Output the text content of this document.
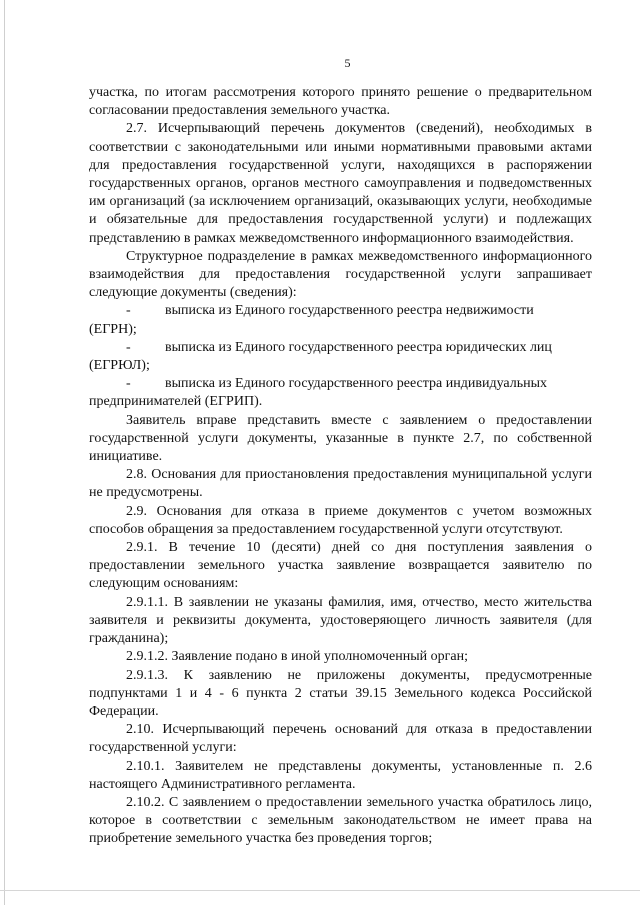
5

участка, по итогам рассмотрения которого принято решение о предварительном согласовании предоставления земельного участка.

2.7. Исчерпывающий перечень документов (сведений), необходимых в соответствии с законодательными или иными нормативными правовыми актами для предоставления государственной услуги, находящихся в распоряжении государственных органов, органов местного самоуправления и подведомственных им организаций (за исключением организаций, оказывающих услуги, необходимые и обязательные для предоставления государственной услуги) и подлежащих представлению в рамках межведомственного информационного взаимодействия.

Структурное подразделение в рамках межведомственного информационного взаимодействия для предоставления государственной услуги запрашивает следующие документы (сведения):

-	выписка из Единого государственного реестра недвижимости

(ЕГРН);

-	выписка из Единого государственного реестра юридических лиц

(ЕГРЮЛ);

-	выписка из Единого государственного реестра индивидуальных

предпринимателей (ЕГРИП).

Заявитель вправе представить вместе с заявлением о предоставлении государственной услуги документы, указанные в пункте 2.7, по собственной инициативе.

2.8. Основания для приостановления предоставления муниципальной услуги не предусмотрены.

2.9. Основания для отказа в приеме документов с учетом возможных способов обращения за предоставлением государственной услуги отсутствуют.

2.9.1. В течение 10 (десяти) дней со дня поступления заявления о предоставлении земельного участка заявление возвращается заявителю по следующим основаниям:

2.9.1.1. В заявлении не указаны фамилия, имя, отчество, место жительства заявителя и реквизиты документа, удостоверяющего личность заявителя (для гражданина);

2.9.1.2. Заявление подано в иной уполномоченный орган;

2.9.1.3. К заявлению не приложены документы, предусмотренные подпунктами 1 и 4 - 6 пункта 2 статьи 39.15 Земельного кодекса Российской Федерации.

2.10. Исчерпывающий перечень оснований для отказа в предоставлении государственной услуги:

2.10.1. Заявителем не представлены документы, установленные п. 2.6 настоящего Административного регламента.

2.10.2. С заявлением о предоставлении земельного участка обратилось лицо, которое в соответствии с земельным законодательством не имеет права на приобретение земельного участка без проведения торгов;
